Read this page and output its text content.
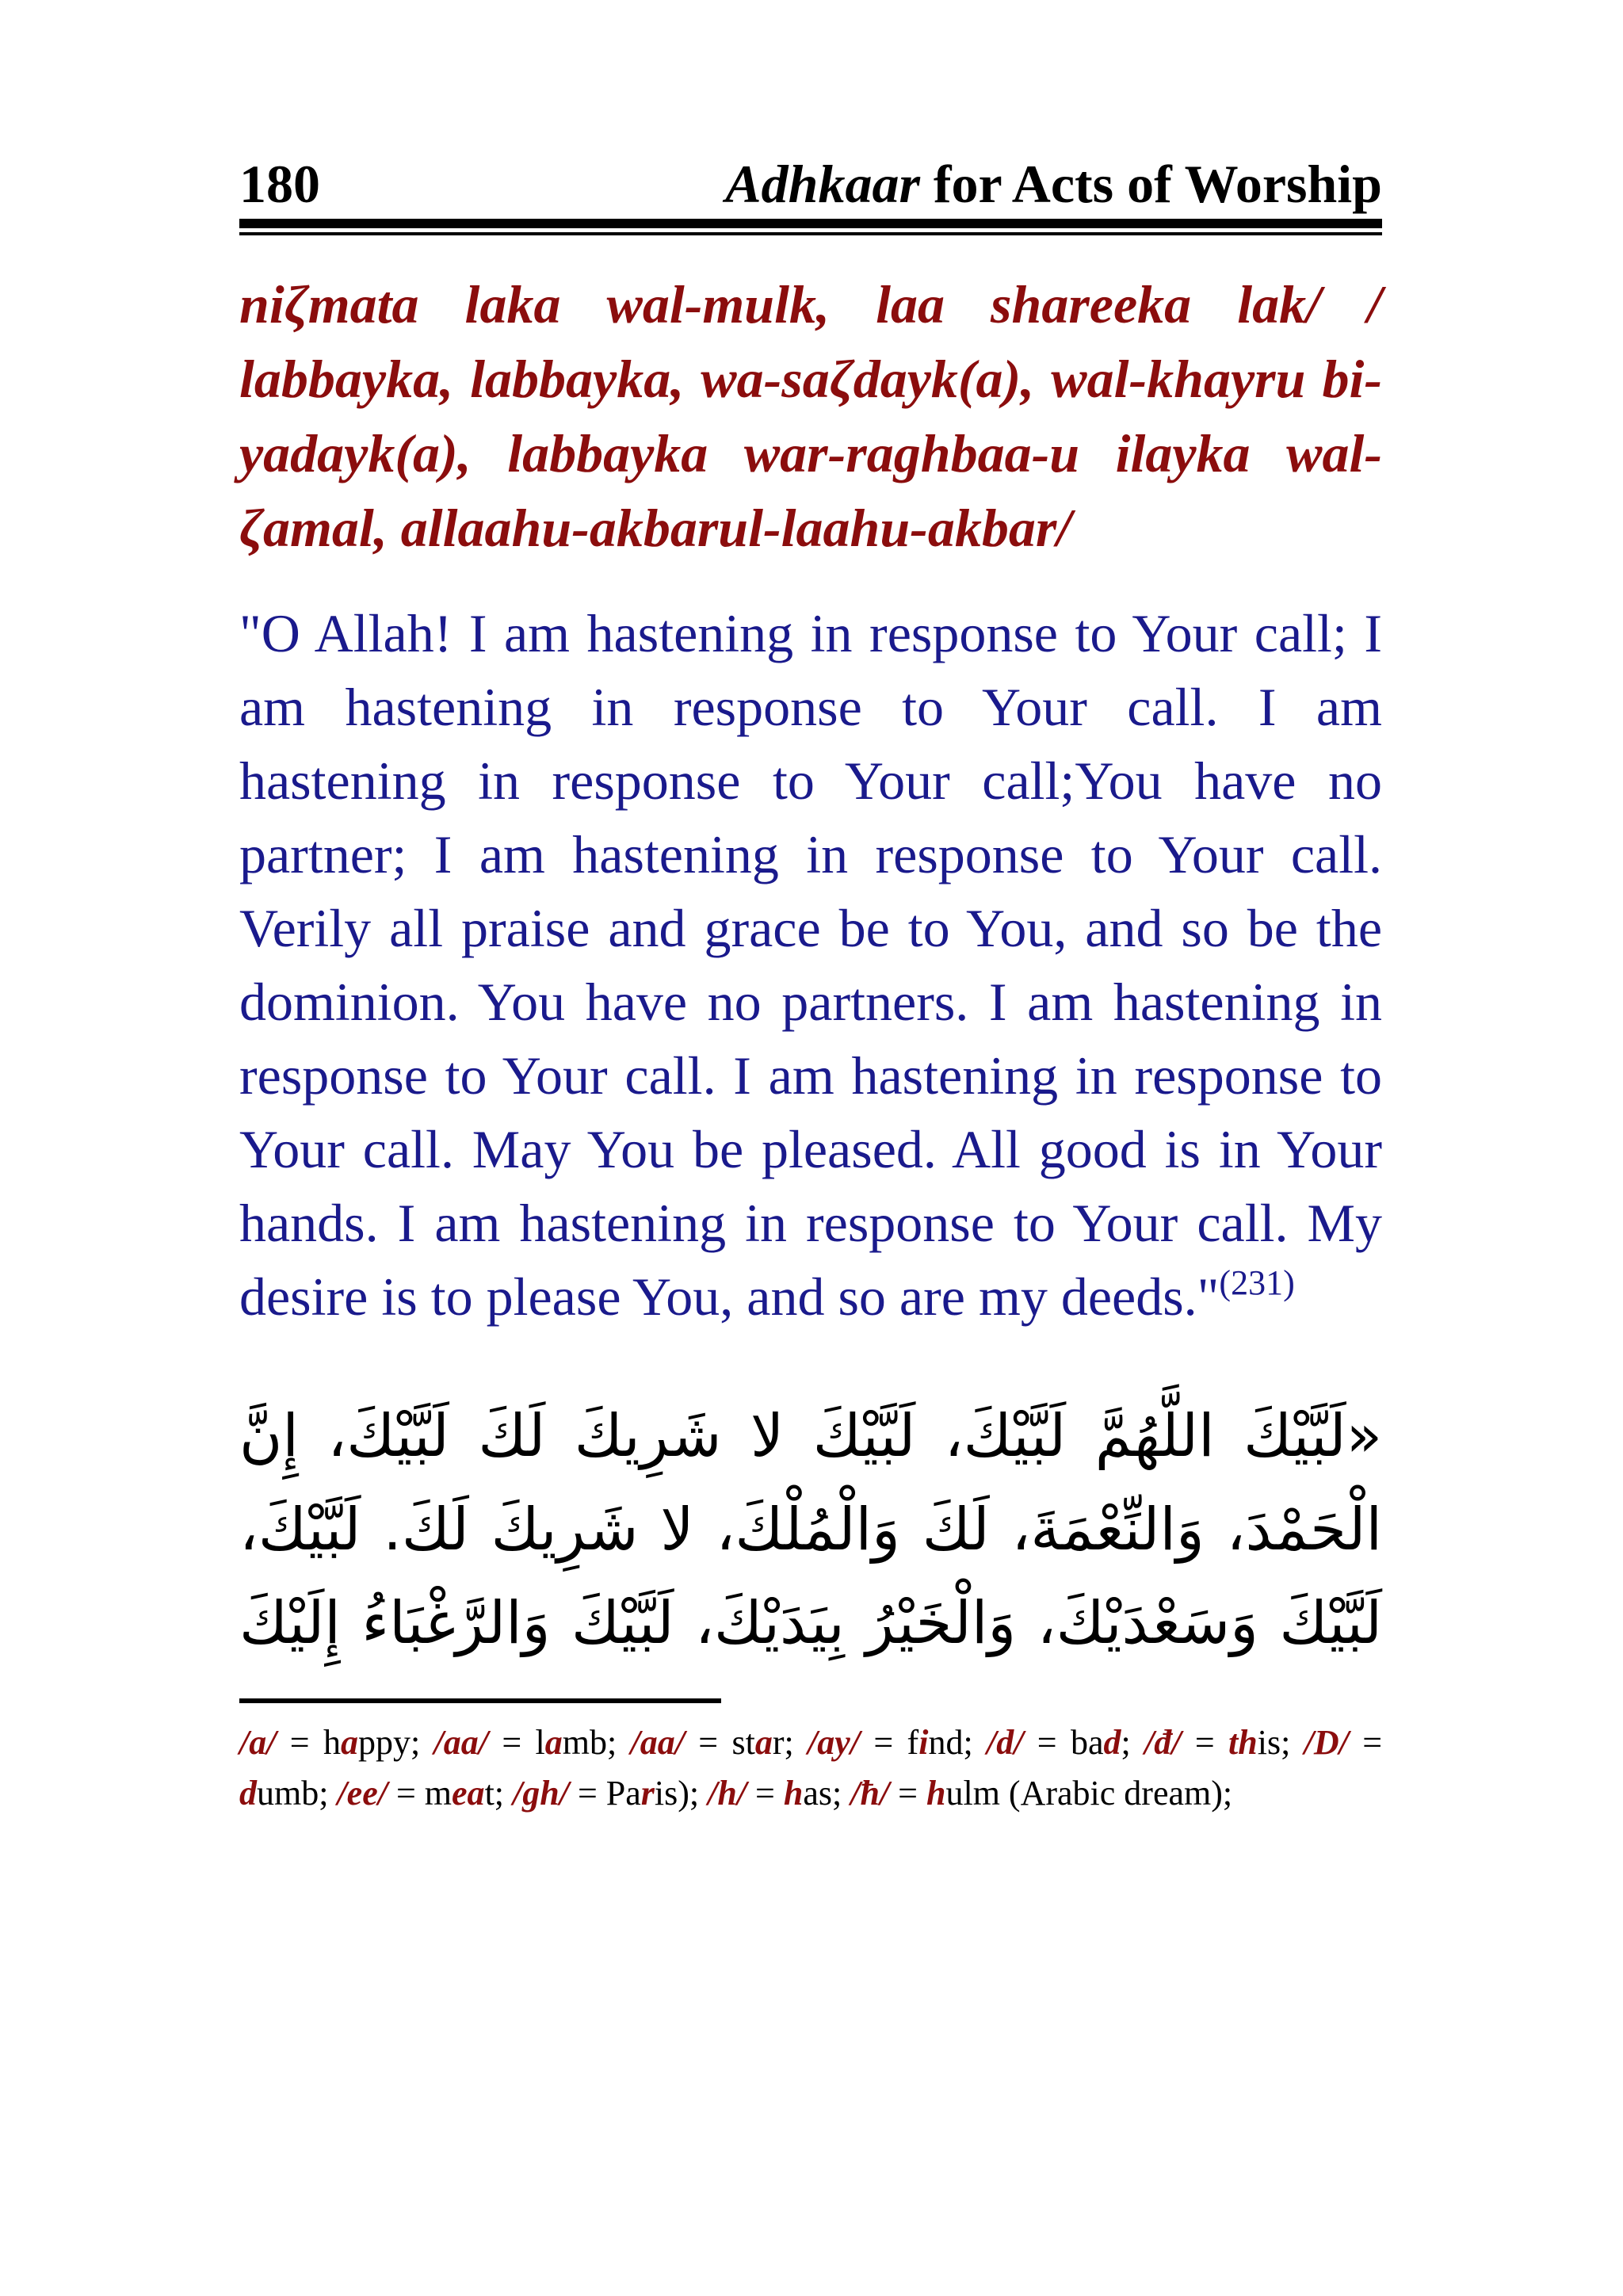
180	Adhkaar for Acts of Worship

niζmata laka wal-mulk, laa shareeka lak/ / labbayka, labbayka, wa-saζdayk(a), wal-khayru bi-yadayk(a), labbayka war-raghbaa-u ilayka wal-ζamal, allaahu-akbarul-laahu-akbar/

"O Allah! I am hastening in response to Your call; I am hastening in response to Your call. I am hastening in response to Your call;You have no partner; I am hastening in response to Your call. Verily all praise and grace be to You, and so be the dominion. You have no partners. I am hastening in response to Your call. I am hastening in response to Your call. May You be pleased. All good is in Your hands. I am hastening in response to Your call. My desire is to please You, and so are my deeds."$^{(231)}$

«لَبَّيْكَ اللَّهُمَّ لَبَّيْكَ، لَبَّيْكَ لا شَرِيكَ لَكَ لَبَّيْكَ، إِنَّ الْحَمْدَ، وَالنِّعْمَةَ، لَكَ وَالْمُلْكَ، لا شَرِيكَ لَكَ. لَبَّيْكَ، لَبَّيْكَ وَسَعْدَيْكَ، وَالْخَيْرُ بِيَدَيْكَ، لَبَّيْكَ وَالرَّغْبَاءُ إِلَيْكَ

/a/ = happy; /aa/ = lamb; /aa/ = star; /ay/ = find; /d/ = bad; /đ/ = this; /D/ = dumb; /ee/ = meat; /gh/ = Paris); /h/ = has; /ħ/ = hulm (Arabic dream);
